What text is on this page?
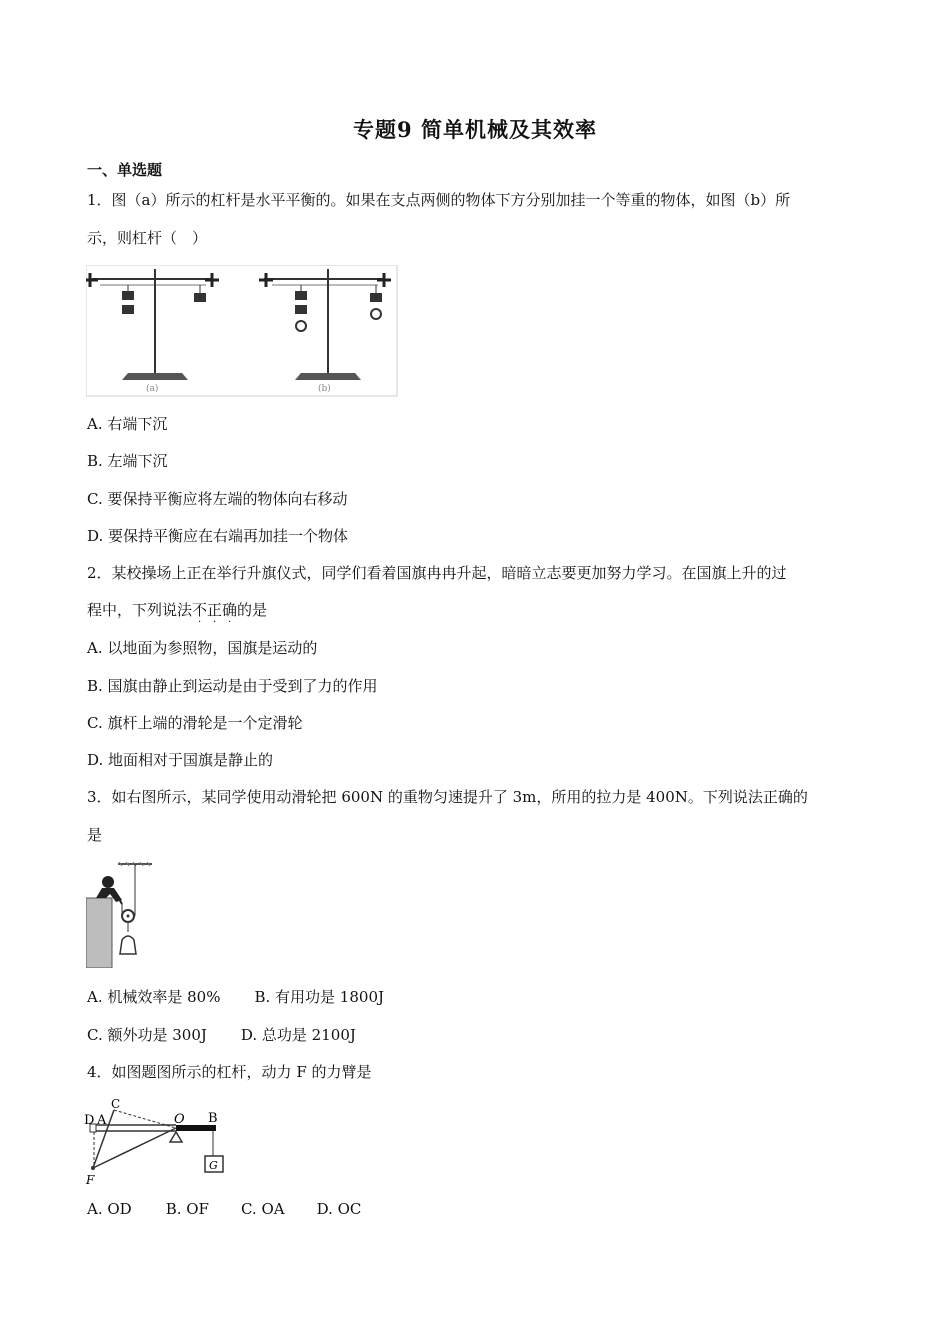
专题9 简单机械及其效率
一、单选题
1．图（a）所示的杠杆是水平平衡的。如果在支点两侧的物体下方分别加挂一个等重的物体，如图（b）所
示，则杠杆（　）
(a)	(b)
A. 右端下沉
B. 左端下沉
C. 要保持平衡应将左端的物体向右移动
D. 要保持平衡应在右端再加挂一个物体
2．某校操场上正在举行升旗仪式，同学们看着国旗冉冉升起，暗暗立志要更加努力学习。在国旗上升的过
程中，下列说法不正确
· · ·
的是
A. 以地面为参照物，国旗是运动的
B. 国旗由静止到运动是由于受到了力的作用
C. 旗杆上端的滑轮是一个定滑轮
D. 地面相对于国旗是静止的
3．如右图所示，某同学使用动滑轮把 600N 的重物匀速提升了 3m，所用的拉力是 400N。下列说法正确的
是
A. 机械效率是 80% B. 有用功是 1800J
C. 额外功是 300J D. 总功是 2100J
4．如图题图所示的杠杆，动力 F 的力臂是
D A
C
O B
G
F
A. OD B. OF C. OA D. OC
